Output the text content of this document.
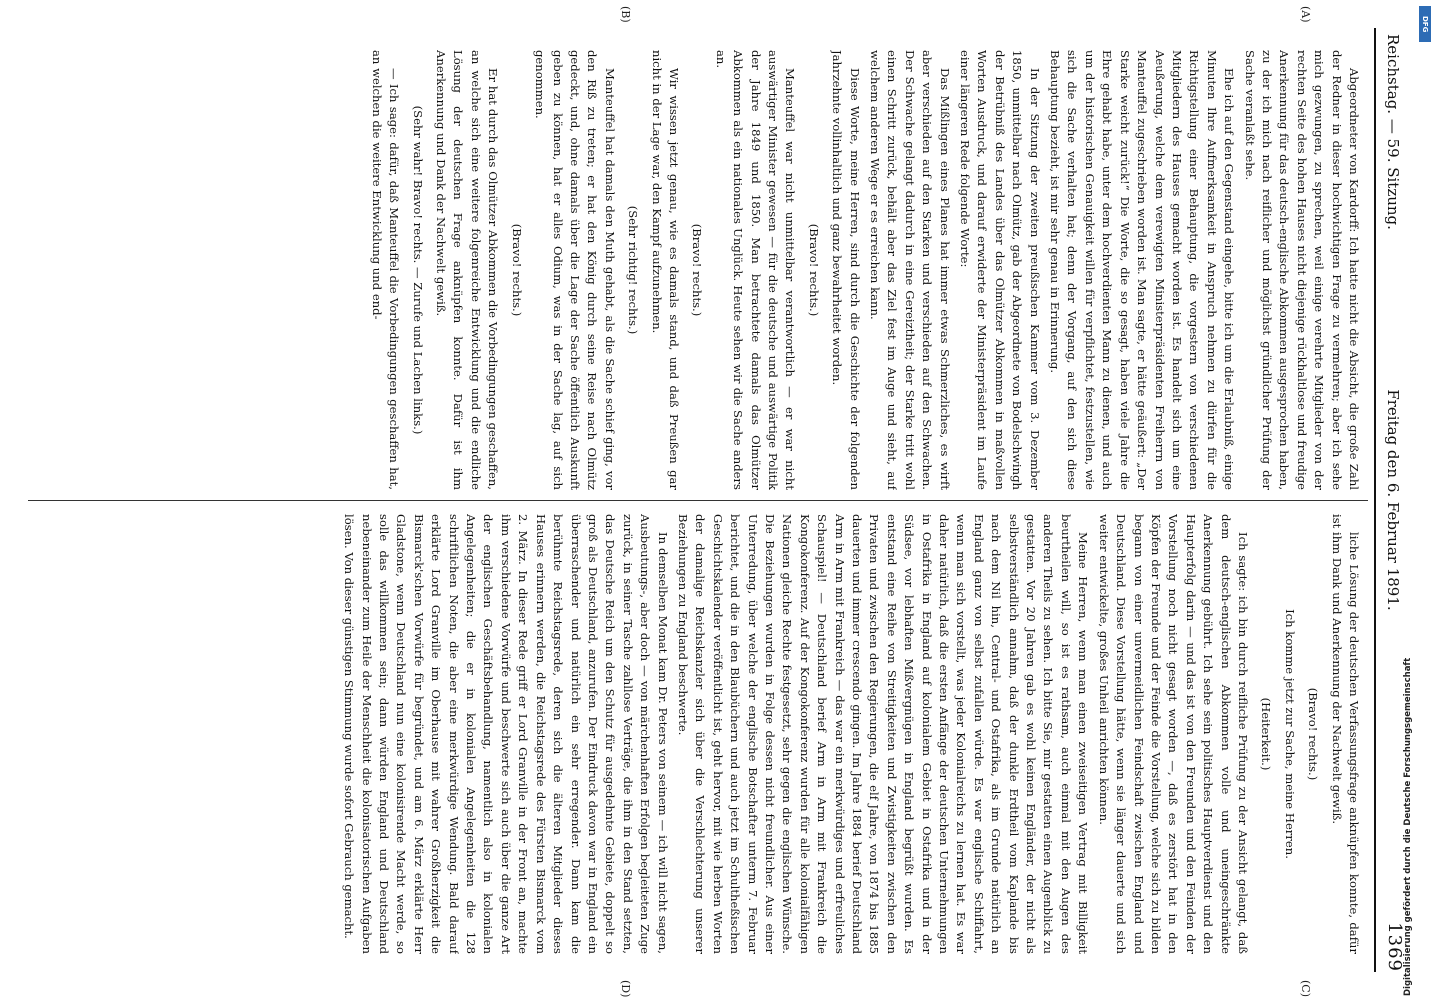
Reichstag. — 59. Sitzung.
Freitag den 6. Februar 1891.
1369
(A)
(B)
(C)
(D)

Abgeordneter von Kardorff: Ich hatte nicht die Absicht, die große Zahl der Redner in dieser hochwichtigen Frage zu vermehren; aber ich sehe mich gezwungen, zu sprechen, weil einige verehrte Mitglieder von der rechten Seite des hohen Hauses nicht diejenige rückhaltlose und freudige Anerkennung für das deutsch-englische Abkommen ausgesprochen haben, zu der ich mich nach reiflicher und möglichst gründlicher Prüfung der Sache veranlaßt sehe.

Ehe ich auf den Gegenstand eingehe, bitte ich um die Erlaubniß, einige Minuten Ihre Aufmerksamkeit in Anspruch nehmen zu dürfen für die Richtigstellung einer Behauptung, die vorgestern von verschiedenen Mitgliedern des Hauses gemacht worden ist. Es handelt sich um eine Aeußerung, welche dem verewigten Ministerpräsidenten Freiherrn von Manteuffel zugeschrieben worden ist. Man sagte, er hätte geäußert: „Der Starke weicht zurück!“ Die Worte, die so gesagt, haben viele Jahre die Ehre gehabt habe, unter dem hochverdienten Mann zu dienen, und auch um der historischen Genauigkeit willen für verpflichtet, festzustellen, wie sich die Sache verhalten hat; denn der Vorgang, auf den sich diese Behauptung bezieht, ist mir sehr genau in Erinnerung.

In der Sitzung der zweiten preußischen Kammer vom 3. Dezember 1850, unmittelbar nach Olmütz, gab der Abgeordnete von Bodelschwingh der Betrübniß des Landes über das Olmützer Abkommen in maßvollen Worten Ausdruck, und darauf erwiderte der Ministerpräsident im Laufe einer längeren Rede folgende Worte:

Das Mißlingen eines Planes hat immer etwas Schmerzliches, es wirft aber verschieden auf den Starken und verschieden auf den Schwachen. Der Schwache gelangt dadurch in eine Gereiztheit; der Starke tritt wohl einen Schritt zurück, behält aber das Ziel fest im Auge und sieht, auf welchem anderen Wege er es erreichen kann.

Diese Worte, meine Herren, sind durch die Geschichte der folgenden Jahrzehnte vollinhaltlich und ganz bewahrheitet worden.

(Bravo! rechts.)

Manteuffel war nicht unmittelbar verantwortlich — er war nicht auswärtiger Minister gewesen — für die deutsche und auswärtige Politik der Jahre 1849 und 1850. Man betrachtete damals das Olmützer Abkommen als ein nationales Unglück. Heute sehen wir die Sache anders an.

(Bravo! rechts.)

Wir wissen jetzt genau, wie es damals stand, und daß Preußen gar nicht in der Lage war, den Kampf aufzunehmen.

(Sehr richtig! rechts.)

Manteuffel hat damals den Muth gehabt, als die Sache schief ging, vor den Riß zu treten; er hat den König durch seine Reise nach Olmütz gedeckt, und, ohne damals über die Lage der Sache öffentlich Auskunft geben zu können, hat er alles Odium, was in der Sache lag, auf sich genommen.

(Bravo! rechts.)

Er hat durch das Olmützer Abkommen die Vorbedingungen geschaffen, an welche sich eine weitere folgenreiche Entwicklung und die endliche Lösung der deutschen Frage anknüpfen konnte. Dafür ist ihm Anerkennung und Dank der Nachwelt gewiß.

(Sehr wahr! Bravo! rechts. — Zurufe und Lachen links.)

— Ich sage: dafür, daß Manteuffel die Vorbedingungen geschaffen hat, an welchen die weitere Entwicklung und end-

liche Lösung der deutschen Verfassungsfrage anknüpfen konnte, dafür ist ihm Dank und Anerkennung der Nachwelt gewiß.

(Bravo! rechts.)

Ich komme jetzt zur Sache, meine Herren.

(Heiterkeit.)

Ich sagte: ich bin durch reifliche Prüfung zu der Ansicht gelangt, daß dem deutsch-englischen Abkommen volle und uneingeschränkte Anerkennung gebührt. Ich sehe sein politisches Hauptverdienst und den Haupterfolg darin — und das ist von den Freunden und den Feinden der Vorstellung noch nicht gesagt worden —, daß es zerstört hat in den Köpfen der Freunde und der Feinde die Vorstellung, welche sich zu bilden begann von einer unvermeidlichen Feindschaft zwischen England und Deutschland. Diese Vorstellung hätte, wenn sie länger dauerte und sich weiter entwickelte, großes Unheil anrichten können.

Meine Herren, wenn man einen zweiseitigen Vertrag mit Billigkeit beurtheilen will, so ist es rathsam, auch einmal mit den Augen des anderen Theils zu sehen. Ich bitte Sie, mir gestatten einen Augenblick zu gestatten. Vor 20 Jahren gab es wohl keinen Engländer, der nicht als selbstverständlich annahm, daß der dunkle Erdtheil vom Kaplande bis nach dem Nil hin, Central- und Ostafrika, als im Grunde natürlich an England ganz von selbst zufallen würde. Es war englische Schiffahrt, wenn man sich vorstellt, was jeder Kolonialreichs zu lernen hat. Es war daher natürlich, daß die ersten Anfänge der deutschen Unternehmungen in Ostafrika in England auf kolonialem Gebiet in Ostafrika und in der Südsee, vor lebhaften Mißvergnügen in England begrüßt wurden. Es entstand eine Reihe von Streitigkeiten und Zwistigkeiten zwischen den Privaten und zwischen den Regierungen, die elf Jahre, von 1874 bis 1885 dauerten und immer crescendo gingen. Im Jahre 1884 berief Deutschland Arm in Arm mit Frankreich — das war ein merkwürdiges und erfreuliches Schauspiel! — Deutschland berief Arm in Arm mit Frankreich die Kongokonferenz. Auf der Kongokonferenz wurden für alle kolonialfähigen Nationen gleiche Rechte festgesetzt, sehr gegen die englischen Wünsche. Die Beziehungen wurden in Folge dessen nicht freundlicher. Aus einer Unterredung, über welche der englische Botschafter unterm 7. Februar berichtet, und die in den Blaubüchern und auch jetzt im Schultheßischen Geschichtskalender veröffentlicht ist, geht hervor, mit wie herben Worten der damalige Reichskanzler sich über die Verschlechterung unserer Beziehungen zu England beschwerte.

In demselben Monat kam Dr. Peters von seinem — ich will nicht sagen, Ausbeutungs-, aber doch — von märchenhaften Erfolgen begleiteten Zuge zurück, in seiner Tasche zahllose Verträge, die ihm in den Stand setzten, das Deutsche Reich um den Schutz für ausgedehnte Gebiete, doppelt so groß als Deutschland, anzurufen. Der Eindruck davon war in England ein überraschender und natürlich ein sehr erregender. Dann kam die berühmte Reichstagsrede, deren sich die älteren Mitglieder dieses Hauses erinnern werden, die Reichstagsrede des Fürsten Bismarck vom 2. März. In dieser Rede griff er Lord Granville in der Front an, machte ihm verschiedene Vorwürfe und beschwerte sich auch über die ganze Art der englischen Geschäftsbehandlung, namentlich also in kolonialen Angelegenheiten; die er in kolonialen Angelegenheiten die 128 schriftlichen Noten, die aber eine merkwürdige Wendung. Bald darauf erklärte Lord Granville im Oberhause mit wahrer Großherzigkeit die Bismarck'schen Vorwürfe für begründet, und am 6. März erklärte Herr Gladstone, wenn Deutschland nun eine kolonisirende Macht werde, so solle das willkommen sein; dann würden England und Deutschland nebeneinander zum Heile der Menschheit die kolonisatorischen Aufgaben lösen. Von dieser günstigen Stimmung wurde sofort Gebrauch gemacht.

DFG
Digitalisierung gefördert durch die Deutsche Forschungsgemeinschaft
